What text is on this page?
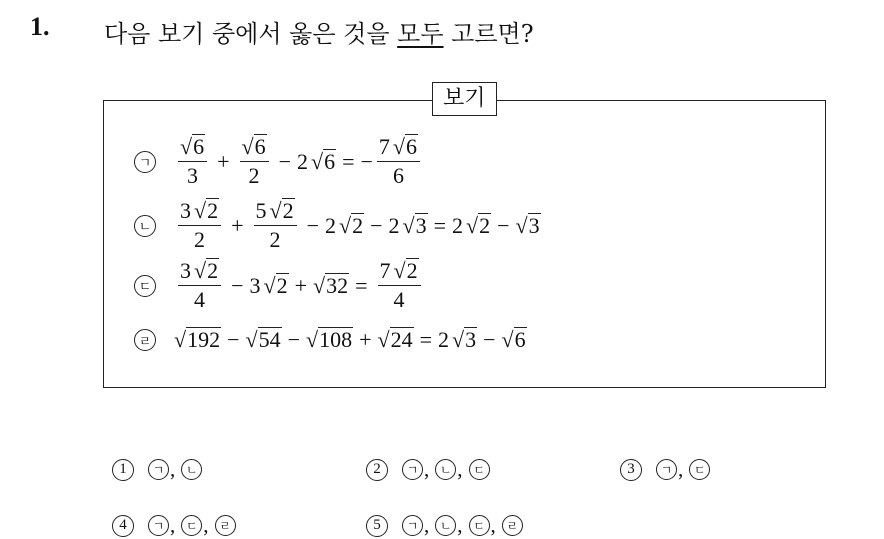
1. 다음 보기 중에서 옳은 것을 모두 고르면?
보기
ㄱ $\frac{√ 6}{3} + \frac{√ 6}{2} - 2$ √ 6 = − $\frac{7 √ 6}{6}$
ㄴ $\frac{3 √ 2}{2} + \frac{5 √ 2}{2} - 2$ √ 2 − 2 √ 3 = 2 √ 2 − √ 3
ㄷ $\frac{3 √ 2}{4} - 3$ √ 2 + √ $32 = \frac{7 √ 2}{4}$
ㄹ √ 192 − √ 54 − √ 108 + √ 24 = 2 √ 3 − √ 6
1	ㄱ , ㄴ	2	ㄱ , ㄴ , ㄷ	3	ㄱ , ㄷ
4	ㄱ , ㄷ , ㄹ	5	ㄱ , ㄴ , ㄷ , ㄹ
